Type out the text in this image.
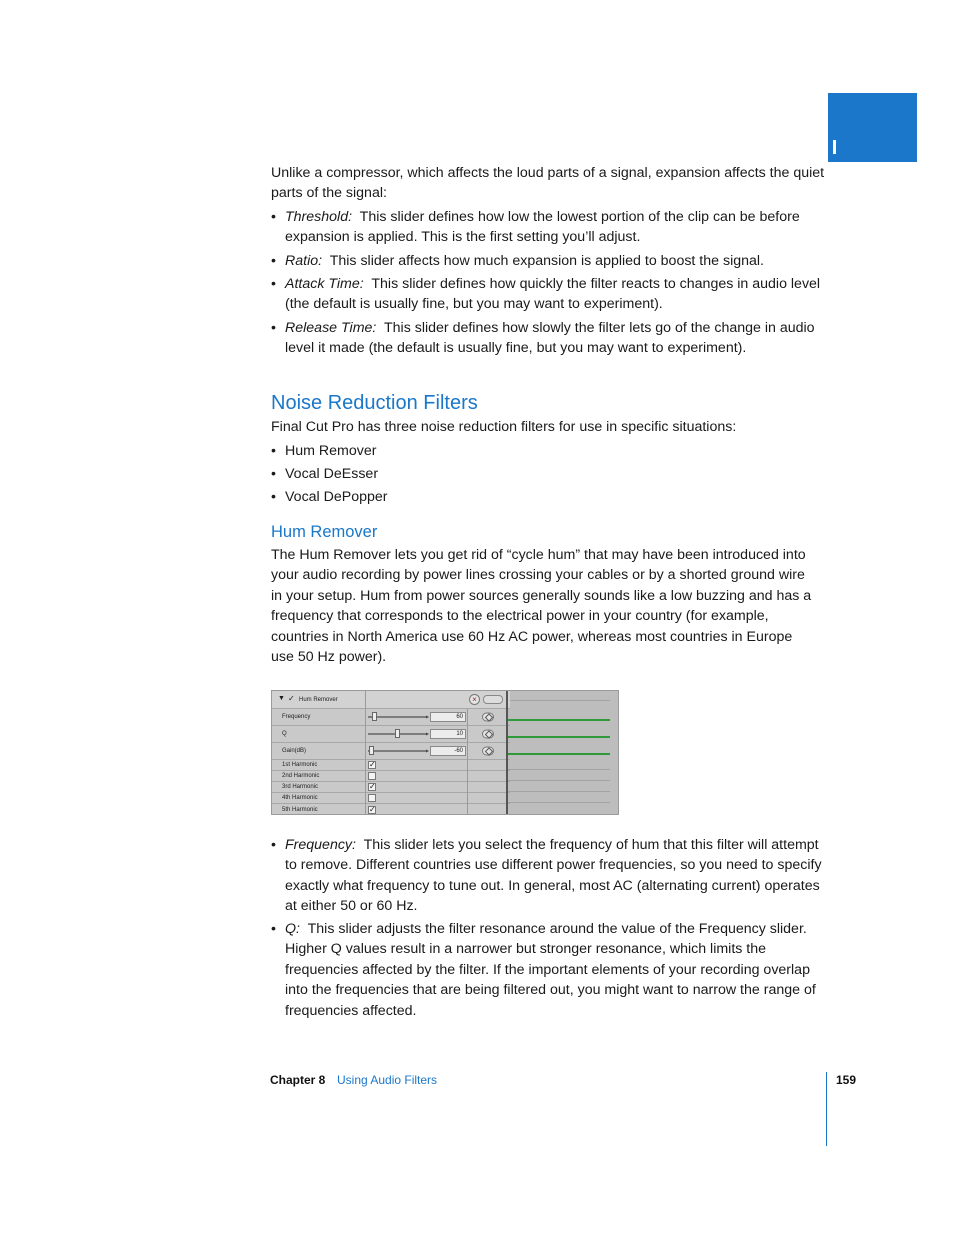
Unlike a compressor, which affects the loud parts of a signal, expansion affects the quiet parts of the signal:

• Threshold: This slider defines how low the lowest portion of the clip can be before expansion is applied. This is the first setting you’ll adjust.
• Ratio: This slider affects how much expansion is applied to boost the signal.
• Attack Time: This slider defines how quickly the filter reacts to changes in audio level (the default is usually fine, but you may want to experiment).
• Release Time: This slider defines how slowly the filter lets go of the change in audio level it made (the default is usually fine, but you may want to experiment).
Noise Reduction Filters

Final Cut Pro has three noise reduction filters for use in specific situations:

• Hum Remover
• Vocal DeEsser
• Vocal DePopper
Hum Remover

The Hum Remover lets you get rid of “cycle hum” that may have been introduced into your audio recording by power lines crossing your cables or by a shorted ground wire in your setup. Hum from power sources generally sounds like a low buzzing and has a frequency that corresponds to the electrical power in your country (for example, countries in North America use 60 Hz AC power, whereas most countries in Europe use 50 Hz power).

▼ ✓ Hum Remover	×
Frequency	▸	60
Q	▸	10
Gain(dB)	▸	-60
1st Harmonic	✓
2nd Harmonic
3rd Harmonic	✓
4th Harmonic
5th Harmonic	✓
• Frequency: This slider lets you select the frequency of hum that this filter will attempt to remove. Different countries use different power frequencies, so you need to specify exactly what frequency to tune out. In general, most AC (alternating current) operates at either 50 or 60 Hz.
• Q: This slider adjusts the filter resonance around the value of the Frequency slider. Higher Q values result in a narrower but stronger resonance, which limits the frequencies affected by the filter. If the important elements of your recording overlap into the frequencies that are being filtered out, you might want to narrow the range of frequencies affected.
Chapter 8 Using Audio Filters	159
